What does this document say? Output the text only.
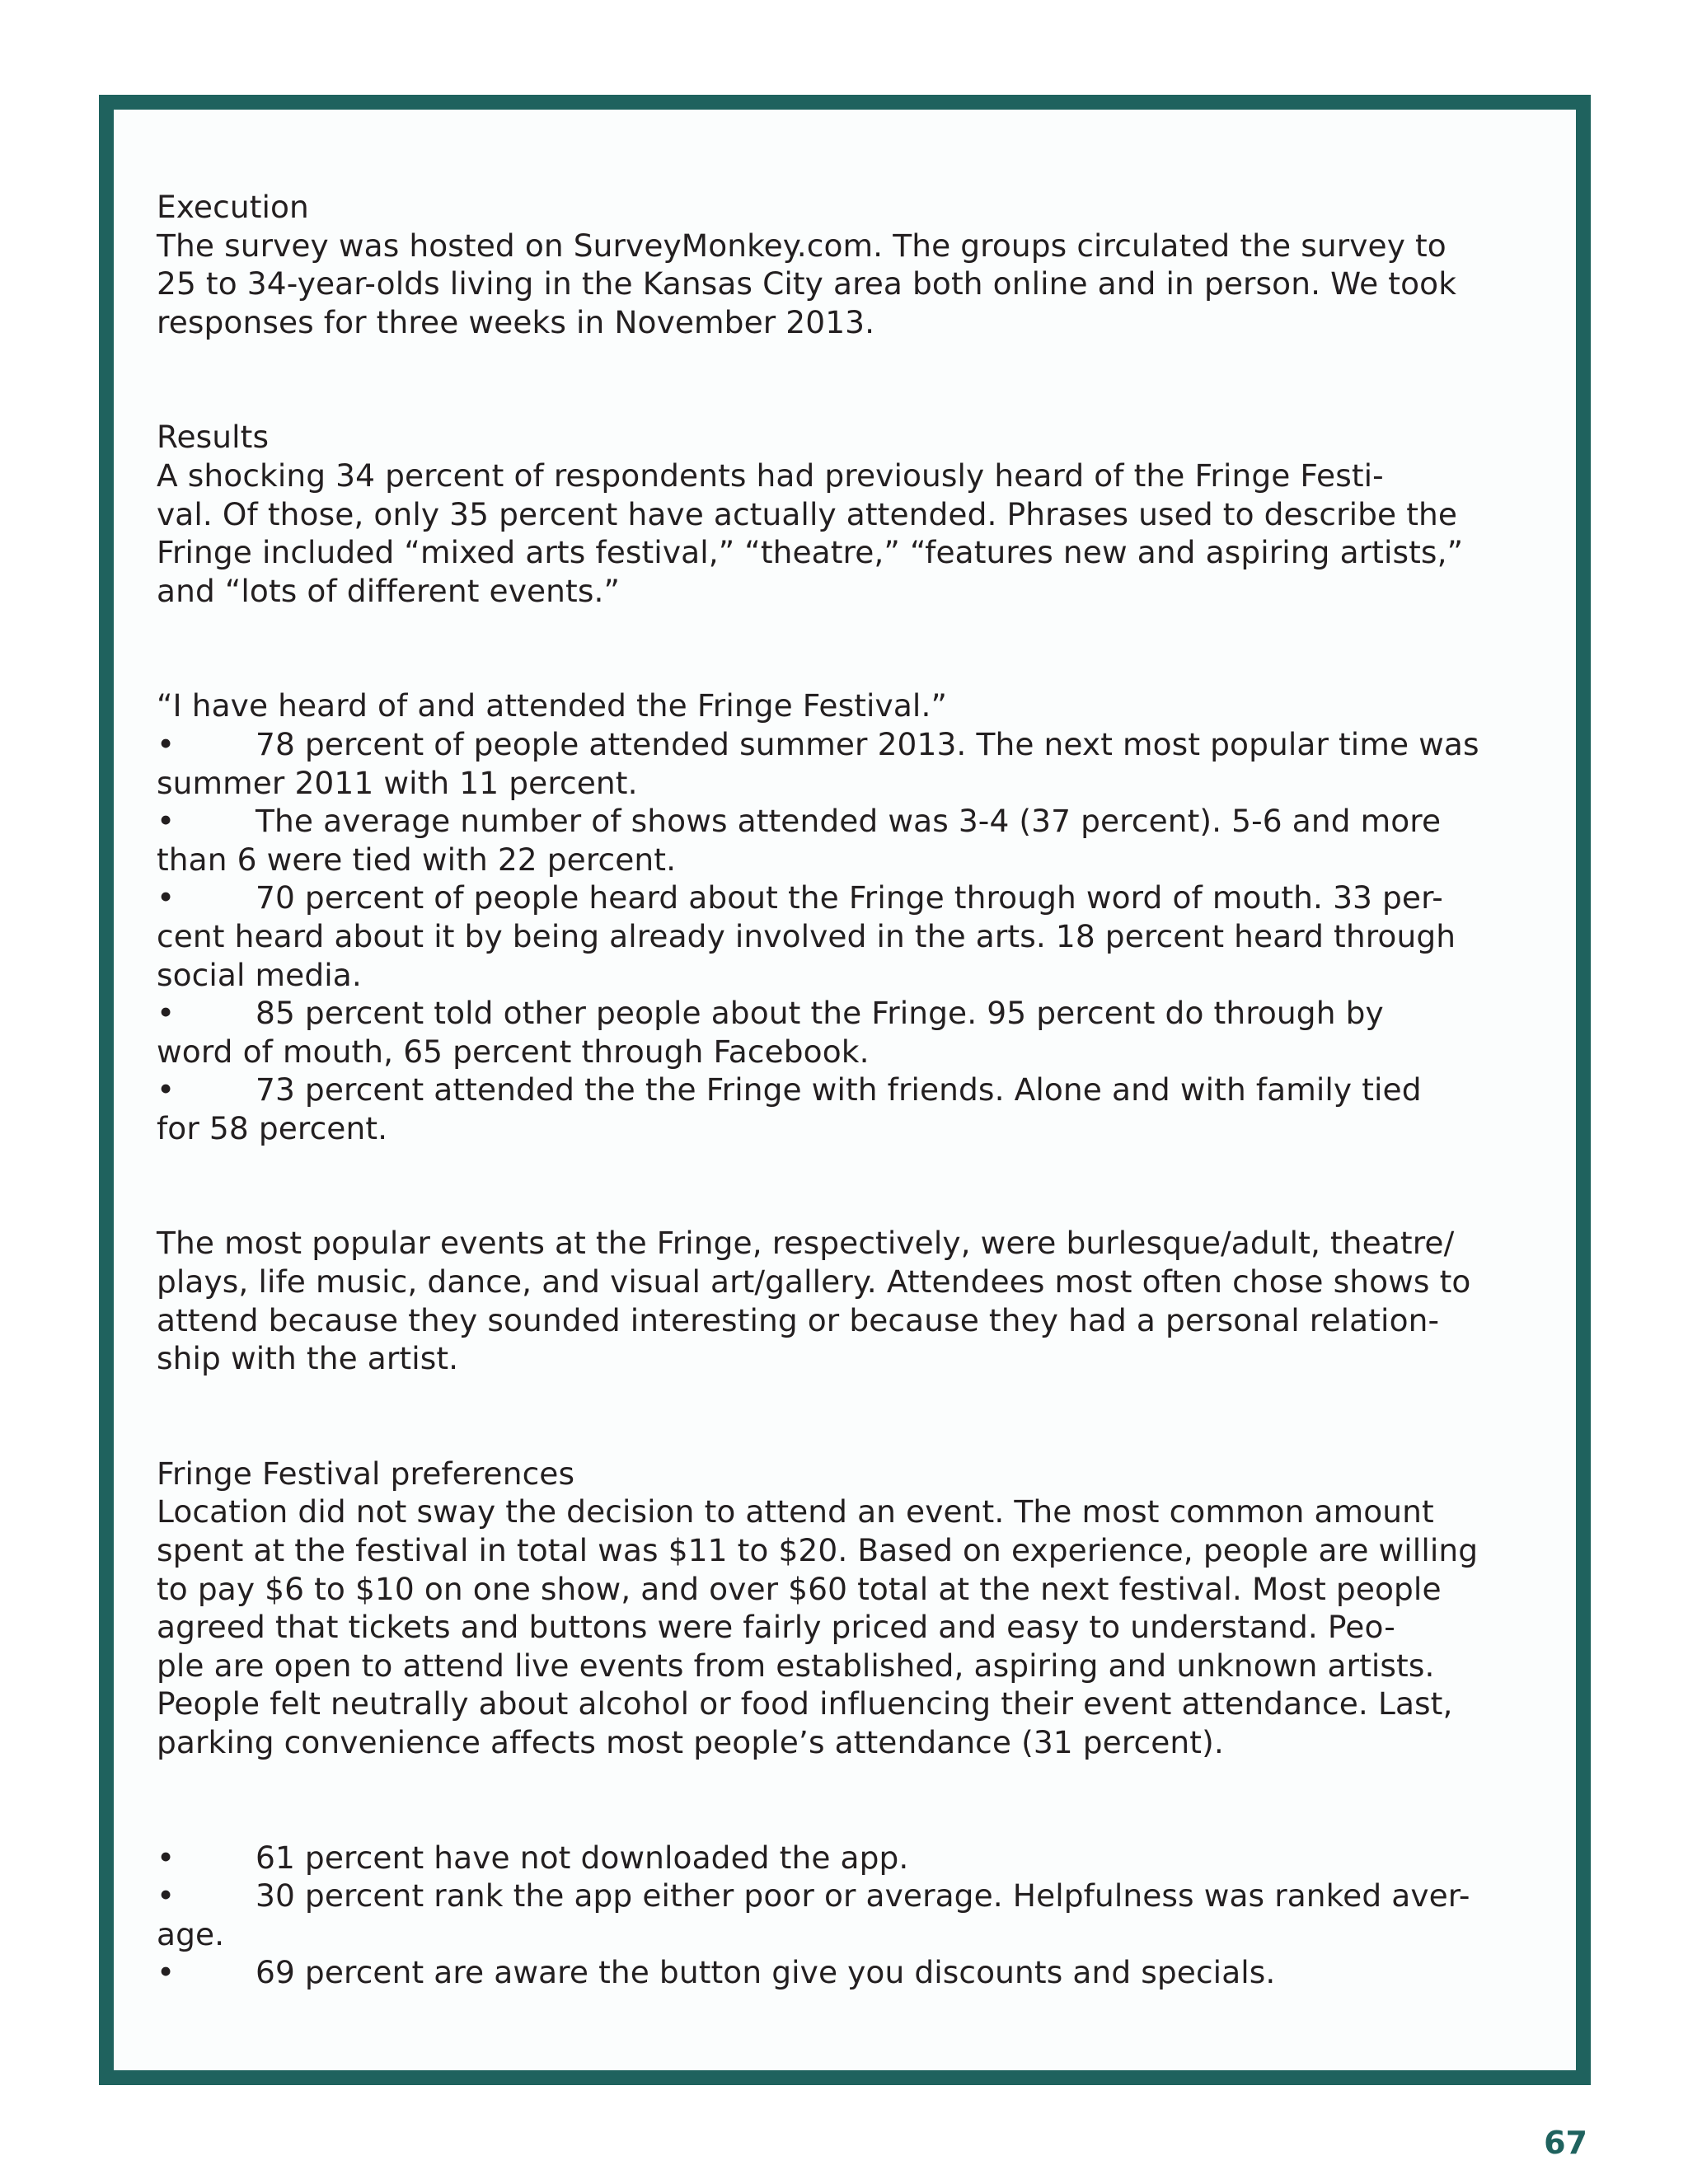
Execution
The survey was hosted on SurveyMonkey.com. The groups circulated the survey to
25 to 34-year-olds living in the Kansas City area both online and in person. We took
responses for three weeks in November 2013.
Results
A shocking 34 percent of respondents had previously heard of the Fringe Festi-
val. Of those, only 35 percent have actually attended. Phrases used to describe the
Fringe included “mixed arts festival,” “theatre,” “features new and aspiring artists,”
and “lots of different events.”
“I have heard of and attended the Fringe Festival.”
•	78 percent of people attended summer 2013. The next most popular time was
summer 2011 with 11 percent.
•	The average number of shows attended was 3-4 (37 percent). 5-6 and more
than 6 were tied with 22 percent.
•	70 percent of people heard about the Fringe through word of mouth. 33 per-
cent heard about it by being already involved in the arts. 18 percent heard through
social media.
•	85 percent told other people about the Fringe. 95 percent do through by
word of mouth, 65 percent through Facebook.
•	73 percent attended the the Fringe with friends. Alone and with family tied
for 58 percent.
The most popular events at the Fringe, respectively, were burlesque/adult, theatre/
plays, life music, dance, and visual art/gallery. Attendees most often chose shows to
attend because they sounded interesting or because they had a personal relation-
ship with the artist.
Fringe Festival preferences
Location did not sway the decision to attend an event. The most common amount
spent at the festival in total was $11 to $20. Based on experience, people are willing
to pay $6 to $10 on one show, and over $60 total at the next festival. Most people
agreed that tickets and buttons were fairly priced and easy to understand. Peo-
ple are open to attend live events from established, aspiring and unknown artists.
People felt neutrally about alcohol or food influencing their event attendance. Last,
parking convenience affects most people’s attendance (31 percent).
•	61 percent have not downloaded the app.
•	30 percent rank the app either poor or average. Helpfulness was ranked aver-
age.
•	69 percent are aware the button give you discounts and specials.
67
